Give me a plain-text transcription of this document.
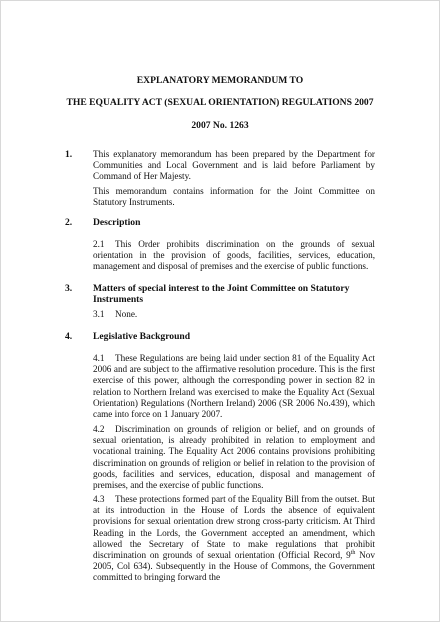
EXPLANATORY MEMORANDUM TO
THE EQUALITY ACT (SEXUAL ORIENTATION) REGULATIONS 2007
2007 No. 1263
1. This explanatory memorandum has been prepared by the Department for Communities and Local Government and is laid before Parliament by Command of Her Majesty.

This memorandum contains information for the Joint Committee on Statutory Instruments.

2. Description

2.1 This Order prohibits discrimination on the grounds of sexual orientation in the provision of goods, facilities, services, education, management and disposal of premises and the exercise of public functions.

3. Matters of special interest to the Joint Committee on Statutory Instruments

3.1 None.

4. Legislative Background

4.1 These Regulations are being laid under section 81 of the Equality Act 2006 and are subject to the affirmative resolution procedure. This is the first exercise of this power, although the corresponding power in section 82 in relation to Northern Ireland was exercised to make the Equality Act (Sexual Orientation) Regulations (Northern Ireland) 2006 (SR 2006 No.439), which came into force on 1 January 2007.

4.2 Discrimination on grounds of religion or belief, and on grounds of sexual orientation, is already prohibited in relation to employment and vocational training. The Equality Act 2006 contains provisions prohibiting discrimination on grounds of religion or belief in relation to the provision of goods, facilities and services, education, disposal and management of premises, and the exercise of public functions.

4.3 These protections formed part of the Equality Bill from the outset. But at its introduction in the House of Lords the absence of equivalent provisions for sexual orientation drew strong cross-party criticism. At Third Reading in the Lords, the Government accepted an amendment, which allowed the Secretary of State to make regulations that prohibit discrimination on grounds of sexual orientation (Official Record, 9th Nov 2005, Col 634). Subsequently in the House of Commons, the Government committed to bringing forward the
